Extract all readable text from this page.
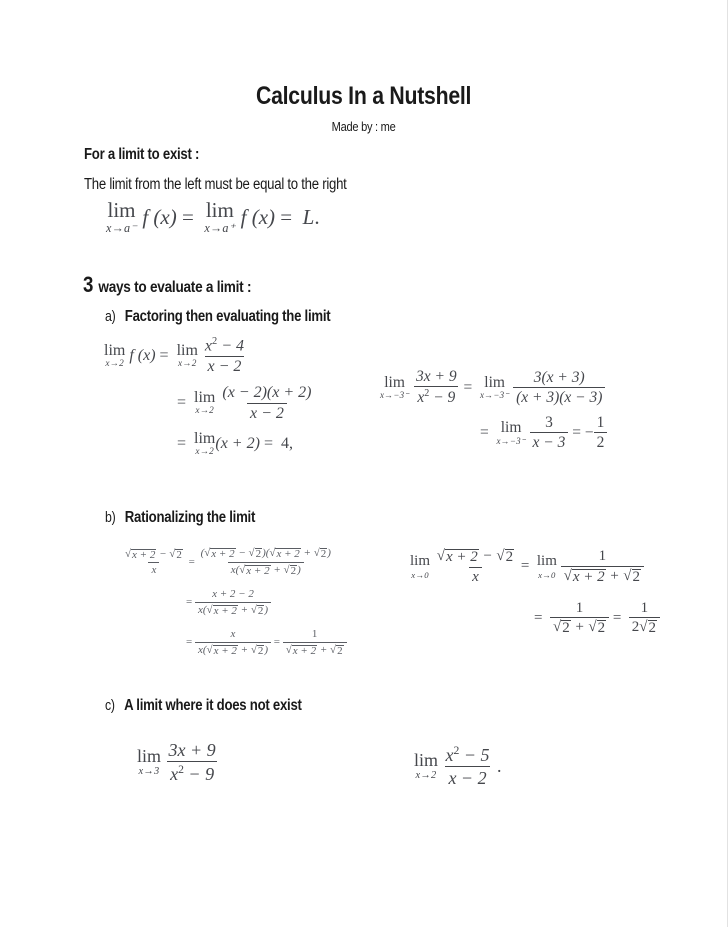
Calculus In a Nutshell
Made by : me
For a limit to exist :
The limit from the left must be equal to the right
lim
x→a⁻ f (x) = lim
x→a⁺ f (x) = L .
3 ways to evaluate a limit :
a) Factoring then evaluating the limit
lim
x→2
f (x) = lim
x→2
$\frac{x^2 - 4}{x - 2}$
= lim
x→2
$\frac{(x - 2)(x + 2)}{x - 2}$
= lim
x→2
(x + 2) =  4,
lim
x→−3⁻
$\frac{3x + 9}{x^2 - 9} = \lim$
x→−3⁻
$\frac{3(x + 3)}{(x + 3)(x - 3)}$
= lim
x→−3⁻
$\frac{3}{x - 3}$ = − $\frac{1}{2}$
b) Rationalizing the limit
$\frac{√ x + 2 - √ 2}{x} = \frac{( √ x + 2 - √ 2 )( √ x + 2 + √ 2 )}{x( √ x + 2 + √ 2 )}$
= $\frac{x + 2 - 2}{x( √ x + 2 + √ 2 )}$
= $\frac{x}{x( √ x + 2 + √ 2 )} = \frac{1}{√ x + 2 + √ 2}$
lim
x→0
$\frac{√ x + 2 - √ 2}{x} = \lim$
x→0
$\frac{1}{√ x + 2 + √ 2}$
= $\frac{1}{√ 2 + √ 2} = \frac{1}{2 √ 2}$
c) A limit where it does not exist
lim
x→3
$\frac{3x + 9}{x^2 - 9}$	lim
x→2
$\frac{x^2 - 5}{x - 2}$ .
